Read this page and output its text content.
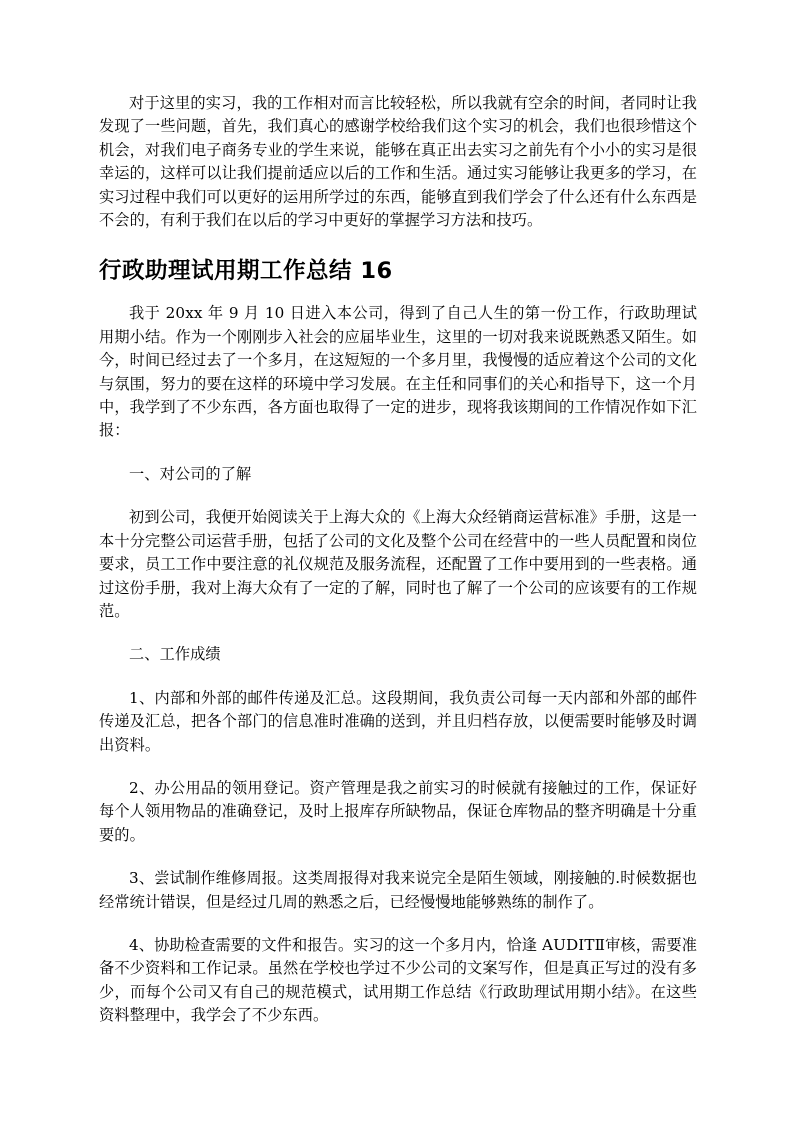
对于这里的实习，我的工作相对而言比较轻松，所以我就有空余的时间，者同时让我发现了一些问题，首先，我们真心的感谢学校给我们这个实习的机会，我们也很珍惜这个机会，对我们电子商务专业的学生来说，能够在真正出去实习之前先有个小小的实习是很幸运的，这样可以让我们提前适应以后的工作和生活。通过实习能够让我更多的学习，在实习过程中我们可以更好的运用所学过的东西，能够直到我们学会了什么还有什么东西是不会的，有利于我们在以后的学习中更好的掌握学习方法和技巧。

行政助理试用期工作总结 16

我于 20xx 年 9 月 10 日进入本公司，得到了自己人生的第一份工作，行政助理试用期小结。作为一个刚刚步入社会的应届毕业生，这里的一切对我来说既熟悉又陌生。如今，时间已经过去了一个多月，在这短短的一个多月里，我慢慢的适应着这个公司的文化与氛围，努力的要在这样的环境中学习发展。在主任和同事们的关心和指导下，这一个月中，我学到了不少东西，各方面也取得了一定的进步，现将我该期间的工作情况作如下汇报：

一、对公司的了解

初到公司，我便开始阅读关于上海大众的《上海大众经销商运营标准》手册，这是一本十分完整公司运营手册，包括了公司的文化及整个公司在经营中的一些人员配置和岗位要求，员工工作中要注意的礼仪规范及服务流程，还配置了工作中要用到的一些表格。通过这份手册，我对上海大众有了一定的了解，同时也了解了一个公司的应该要有的工作规范。

二、工作成绩

1、内部和外部的邮件传递及汇总。这段期间，我负责公司每一天内部和外部的邮件传递及汇总，把各个部门的信息准时准确的送到，并且归档存放，以便需要时能够及时调出资料。

2、办公用品的领用登记。资产管理是我之前实习的时候就有接触过的工作，保证好每个人领用物品的准确登记，及时上报库存所缺物品，保证仓库物品的整齐明确是十分重要的。

3、尝试制作维修周报。这类周报得对我来说完全是陌生领域，刚接触的.时候数据也经常统计错误，但是经过几周的熟悉之后，已经慢慢地能够熟练的制作了。

4、协助检查需要的文件和报告。实习的这一个多月内，恰逢 AUDITⅡ审核，需要准备不少资料和工作记录。虽然在学校也学过不少公司的文案写作，但是真正写过的没有多少，而每个公司又有自己的规范模式，试用期工作总结《行政助理试用期小结》。在这些资料整理中，我学会了不少东西。
